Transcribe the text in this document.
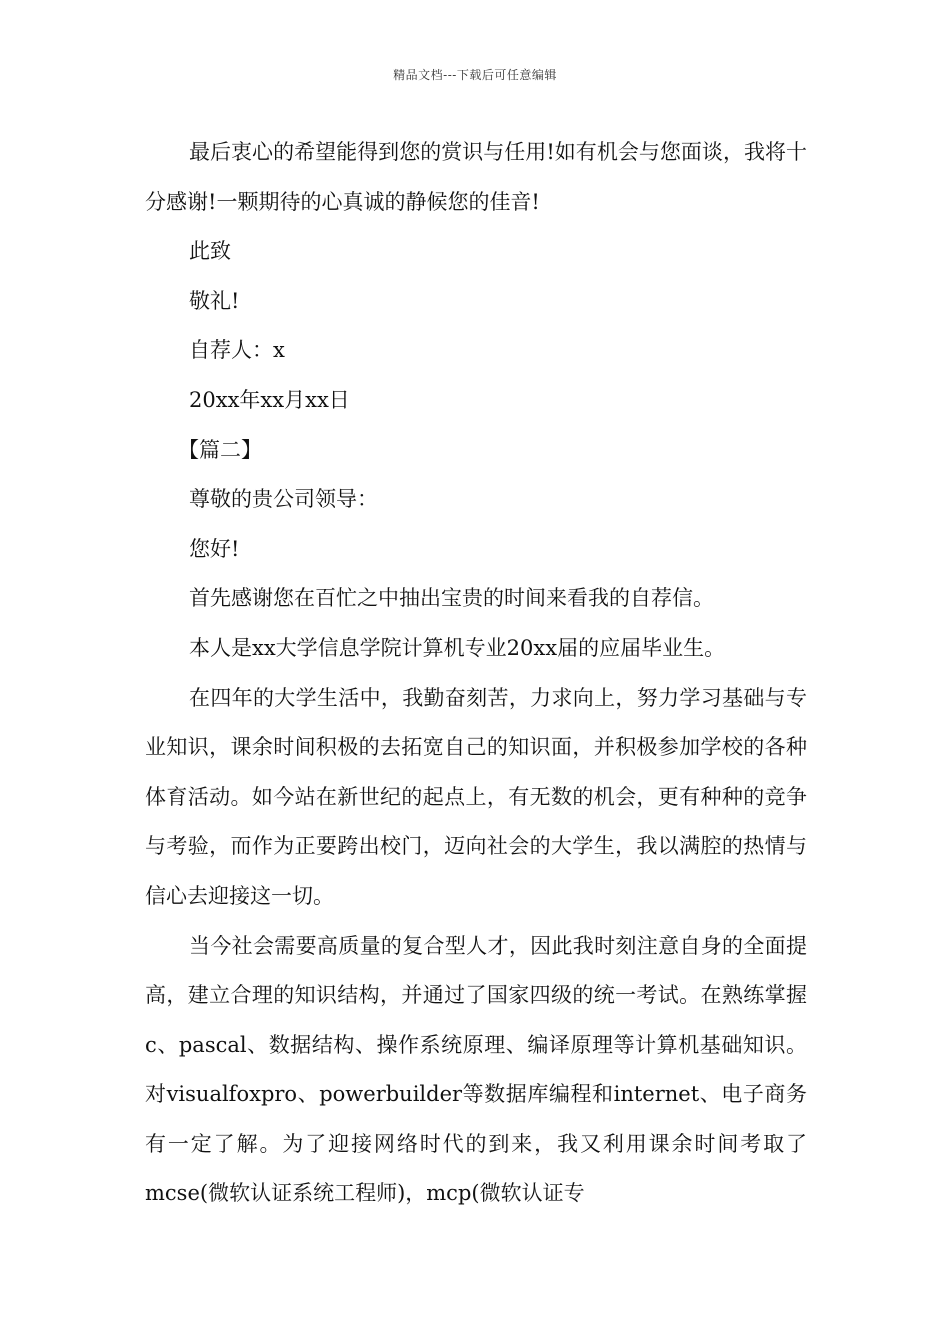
精品文档---下载后可任意编辑

最后衷心的希望能得到您的赏识与任用!如有机会与您面谈，我将十分感谢!一颗期待的心真诚的静候您的佳音!

此致

敬礼!

自荐人：x

20xx年xx月xx日

【篇二】

尊敬的贵公司领导：

您好!

首先感谢您在百忙之中抽出宝贵的时间来看我的自荐信。

本人是xx大学信息学院计算机专业20xx届的应届毕业生。

在四年的大学生活中，我勤奋刻苦，力求向上，努力学习基础与专业知识，课余时间积极的去拓宽自己的知识面，并积极参加学校的各种体育活动。如今站在新世纪的起点上，有无数的机会，更有种种的竞争与考验，而作为正要跨出校门，迈向社会的大学生，我以满腔的热情与信心去迎接这一切。

当今社会需要高质量的复合型人才，因此我时刻注意自身的全面提高，建立合理的知识结构，并通过了国家四级的统一考试。在熟练掌握c、pascal、数据结构、操作系统原理、编译原理等计算机基础知识。对visualfoxpro、powerbuilder等数据库编程和internet、电子商务有一定了解。为了迎接网络时代的到来，我又利用课余时间考取了mcse(微软认证系统工程师)，mcp(微软认证专
